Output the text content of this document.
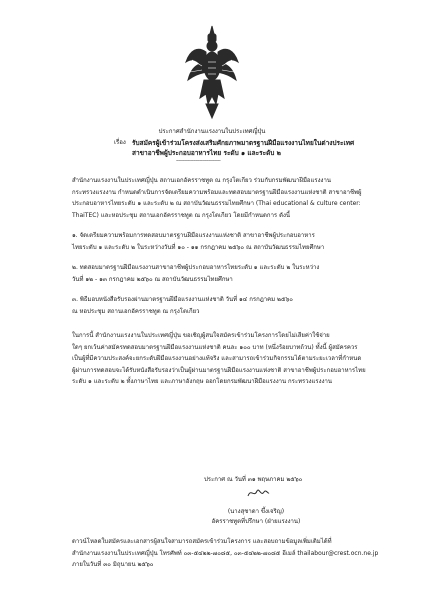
ประกาศสำนักงานแรงงานในประเทศญี่ปุ่น
เรื่อง รับสมัครผู้เข้าร่วมโครงส่งเสริมศักยภาพมาตรฐานฝีมือแรงงานไทยในต่างประเทศ
สาขาอาชีพผู้ประกอบอาหารไทย ระดับ ๑ และระดับ ๒
----------------------------------
สำนักงานแรงงานในประเทศญี่ปุ่น สถานเอกอัครราชทูต ณ กรุงโตเกียว ร่วมกับกรมพัฒนาฝีมือแรงงาน
กระทรวงแรงงาน กำหนดดำเนินการจัดเตรียมความพร้อมและทดสอบมาตรฐานฝีมือแรงงานแห่งชาติ สาขาอาชีพผู้
ประกอบอาหารไทยระดับ ๑ และระดับ ๒ ณ สถาบันวัฒนธรรมไทยศึกษา (Thai educational & culture center:
ThaiTEC) และหอประชุม สถานเอกอัครราชทูต ณ กรุงโตเกียว โดยมีกำหนดการ ดังนี้
๑. จัดเตรียมความพร้อมการทดสอบมาตรฐานฝีมือแรงงานแห่งชาติ สาขาอาชีพผู้ประกอบอาหาร
ไทยระดับ ๑ และระดับ ๒ ในระหว่างวันที่ ๑๐ - ๑๑ กรกฎาคม ๒๕๖๐ ณ สถาบันวัฒนธรรมไทยศึกษา
๒. ทดสอบมาตรฐานฝีมือแรงงานสาขาอาชีพผู้ประกอบอาหารไทยระดับ ๑ และระดับ ๒ ในระหว่าง
วันที่ ๑๒ - ๑๓ กรกฎาคม ๒๕๖๐ ณ สถาบันวัฒนธรรมไทยศึกษา
๓. พิธีมอบหนังสือรับรองผ่านมาตรฐานฝีมือแรงงานแห่งชาติ วันที่ ๑๔ กรกฎาคม ๒๕๖๐
ณ หอประชุม สถานเอกอัครราชทูต ณ กรุงโตเกียว
ในการนี้ สำนักงานแรงงานในประเทศญี่ปุ่น ขอเชิญผู้สนใจสมัครเข้าร่วมโครงการโดยไม่เสียค่าใช้จ่าย
ใดๆ ยกเว้นค่าสมัครทดสอบมาตรฐานฝีมือแรงงานแห่งชาติ คนละ ๑๐๐ บาท (หนึ่งร้อยบาทถ้วน) ทั้งนี้ ผู้สมัครควร
เป็นผู้ที่มีความประสงค์จะยกระดับฝีมือแรงงานอย่างแท้จริง และสามารถเข้าร่วมกิจกรรมได้ตามระยะเวลาที่กำหนด
ผู้ผ่านการทดสอบจะได้รับหนังสือรับรองว่าเป็นผู้ผ่านมาตรฐานฝีมือแรงงานแห่งชาติ สาขาอาชีพผู้ประกอบอาหารไทย
ระดับ ๑ และระดับ ๒ ทั้งภาษาไทย และภาษาอังกฤษ ออกโดยกรมพัฒนาฝีมือแรงงาน กระทรวงแรงงาน
ประกาศ ณ วันที่ ๓๑ พฤษภาคม ๒๕๖๐
(นางสุชาดา ขึ้งเจริญ)
อัครราชทูตที่ปรึกษา (ฝ่ายแรงงาน)
ดาวน์โหลดใบสมัครและเอกสารผู้สนใจสามารถสมัครเข้าร่วมโครงการ และสอบถามข้อมูลเพิ่มเติมได้ที่
สำนักงานแรงงานในประเทศญี่ปุ่น โทรศัพท์ ๐๓-๕๔๒๒-๗๐๘๕, ๐๓-๕๔๒๒-๗๐๘๕ อีเมล์ thailabour@crest.ocn.ne.jp
ภายในวันที่ ๓๐ มิถุนายน ๒๕๖๐
